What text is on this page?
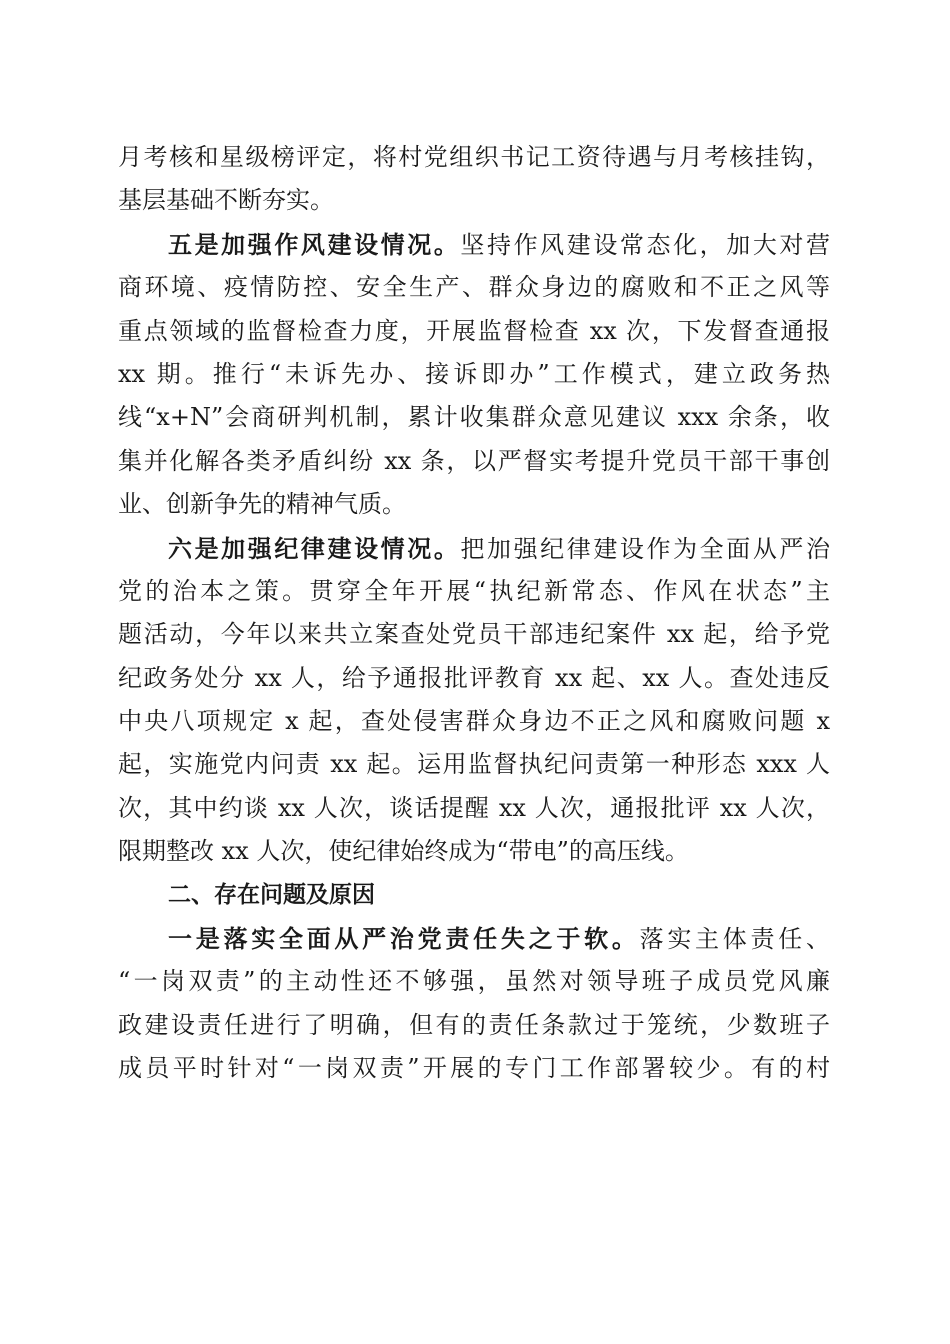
月考核和星级榜评定，将村党组织书记工资待遇与月考核挂钩，
基层基础不断夯实。
五是加强作风建设情况。坚持作风建设常态化，加大对营
商环境、疫情防控、安全生产、群众身边的腐败和不正之风等
重点领域的监督检查力度，开展监督检查 xx 次，下发督查通报
xx 期。推行“未诉先办、接诉即办”工作模式，建立政务热
线“x+N”会商研判机制，累计收集群众意见建议 xxx 余条，收
集并化解各类矛盾纠纷 xx 条，以严督实考提升党员干部干事创
业、创新争先的精神气质。
六是加强纪律建设情况。把加强纪律建设作为全面从严治
党的治本之策。贯穿全年开展“执纪新常态、作风在状态”主
题活动，今年以来共立案查处党员干部违纪案件 xx 起，给予党
纪政务处分 xx 人，给予通报批评教育 xx 起、xx 人。查处违反
中央八项规定 x 起，查处侵害群众身边不正之风和腐败问题 x
起，实施党内问责 xx 起。运用监督执纪问责第一种形态 xxx 人
次，其中约谈 xx 人次，谈话提醒 xx 人次，通报批评 xx 人次，
限期整改 xx 人次，使纪律始终成为“带电”的高压线。
二、存在问题及原因
一是落实全面从严治党责任失之于软。落实主体责任、
“一岗双责”的主动性还不够强，虽然对领导班子成员党风廉
政建设责任进行了明确，但有的责任条款过于笼统，少数班子
成员平时针对“一岗双责”开展的专门工作部署较少。有的村
